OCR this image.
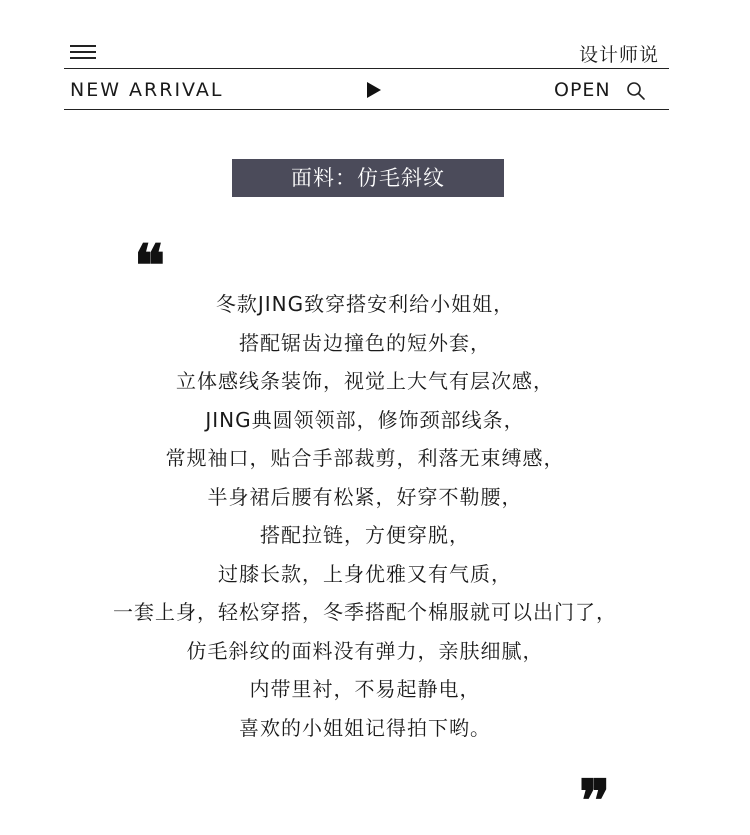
设计师说
NEW ARRIVAL	OPEN
面料：仿毛斜纹
❝
冬款JING致穿搭安利给小姐姐，
搭配锯齿边撞色的短外套，
立体感线条装饰，视觉上大气有层次感，
JING典圆领领部，修饰颈部线条，
常规袖口，贴合手部裁剪，利落无束缚感，
半身裙后腰有松紧，好穿不勒腰，
搭配拉链，方便穿脱，
过膝长款，上身优雅又有气质，
一套上身，轻松穿搭，冬季搭配个棉服就可以出门了，
仿毛斜纹的面料没有弹力，亲肤细腻，
内带里衬，不易起静电，
喜欢的小姐姐记得拍下哟。
❞
